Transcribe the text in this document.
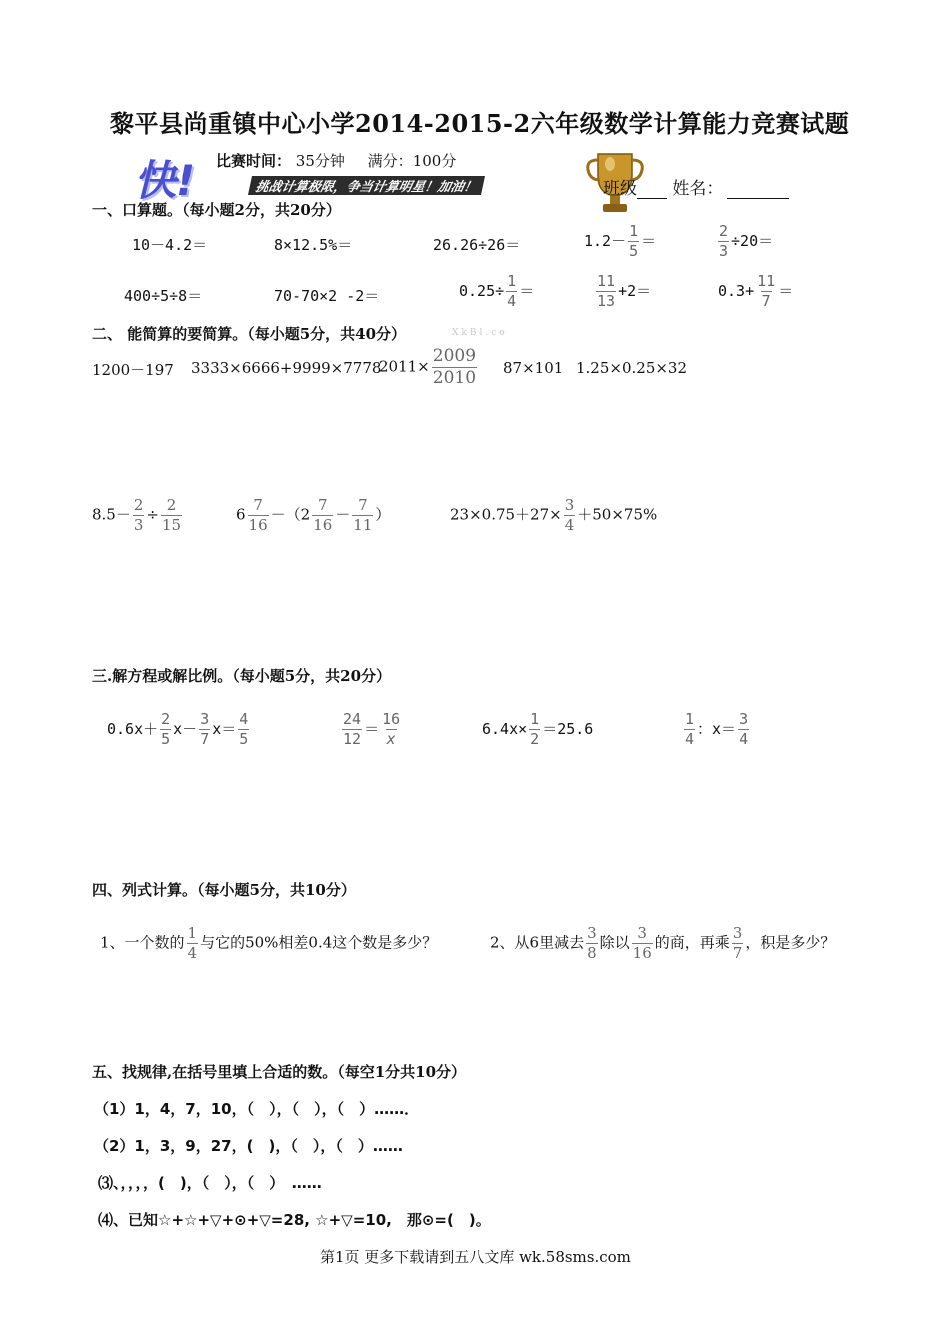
黎平县尚重镇中心小学2014-2015-2六年级数学计算能力竞赛试题
快! 比赛时间： 35分钟 满分：100分
挑战计算极限，争当计算明星！加油！	班级 姓名：
一、口算题。（每小题2分，共20分）
10－4.2＝	8×12.5%＝	26.26÷26＝	$1.2- \frac{1}{5}$ ＝	$\frac{2}{3} \div 20=$
400÷5÷8＝	70-70×2 -2＝	$0.25\div \frac{1}{4}$ ＝	$\frac{11}{13} +2=$	$0.3+ \frac{11}{7}$ ＝
二、 能简算的要简算。（每小题5分，共40分）	XkBl.co
1200－197 3333×6666+9999×7778
$2011\times \frac{2009}{2010} 87\times 101$ 1.25×0.25×32
$8.5- \frac{2}{3} \div \frac{2}{15}$	$6 \frac{7}{16} -(2 \frac{7}{16} - \frac{7}{11}$ ）	$23\times 0.75+27\times \frac{3}{4} +50\times 75\%$
三.解方程或解比例。（每小题5分，共20分）
$0.6x+ \frac{2}{5} x- \frac{3}{7} x= \frac{4}{5}$	$\frac{24}{12} = \frac{16}{x}$	$6.4x\times \frac{1}{2} =25.6$	$\frac{1}{4}$ ：$x= \frac{3}{4}$
四、列式计算。（每小题5分，共10分）
1、一个数的 $\frac{1}{4}$ 与它的50%相差0.4这个数是多少？	2、从6里减去 $\frac{3}{8}$ 除以 $\frac{3}{16}$ 的商，再乘 $\frac{3}{7}$ ，积是多少？
五、找规律,在括号里填上合适的数。（每空1分共10分）
（1）1，4，7，10，（　），（　），（　）……．
（2）1，3，9，27，(　)，（　），（　）……
⑶、，，，，(　)，（　），（　）　……
⑷、已知☆+☆+▽+⊙+▽=28, ☆+▽=10,　那⊙=(　)。
第1页 更多下载请到五八文库 wk.58sms.com
